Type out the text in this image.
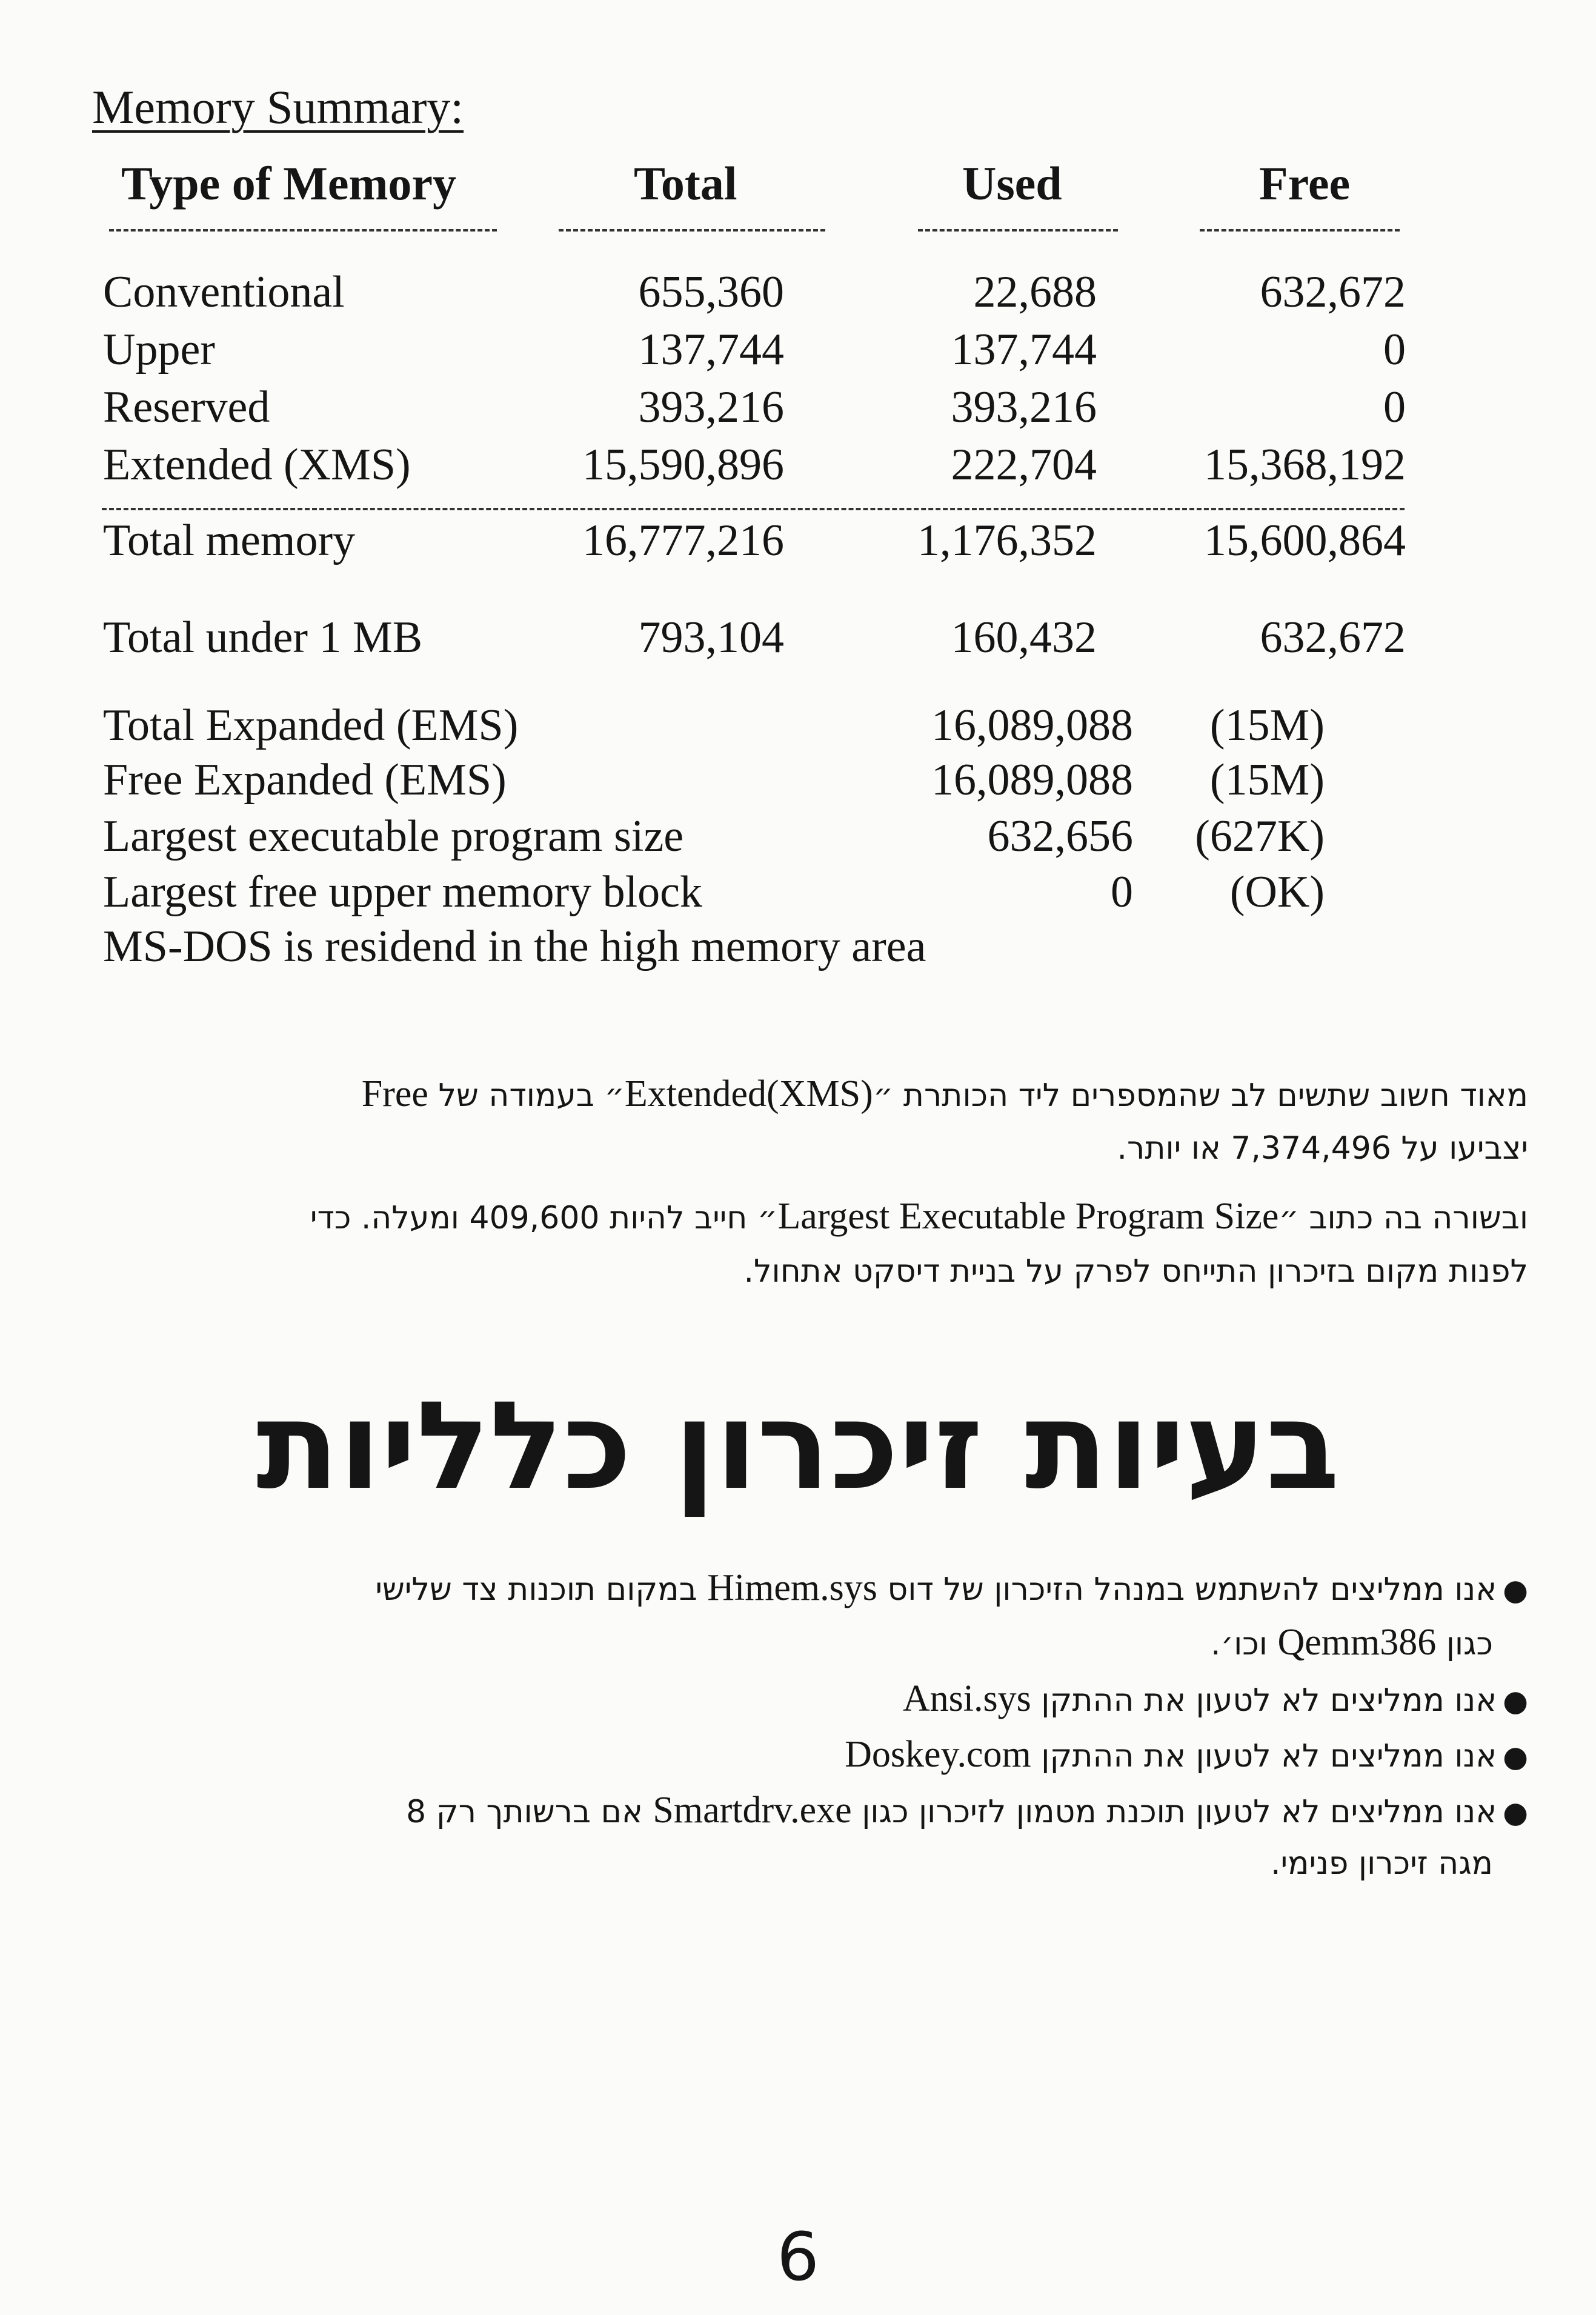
Memory Summary:
Type of Memory	Total	Used	Free
Conventional	655,360	22,688	632,672
Upper	137,744	137,744	0
Reserved	393,216	393,216	0
Extended (XMS)	15,590,896	222,704 15,368,192
Total memory	16,777,216	1,176,352 15,600,864
Total under 1 MB	793,104	160,432	632,672
Total Expanded (EMS)	16,089,088 (15M)
Free Expanded (EMS)	16,089,088 (15M)
Largest executable program size	632,656 (627K)
Largest free upper memory block	0 (OK)
MS-DOS is residend in the high memory area
מאוד חשוב שתשים לב שהמספרים ליד הכותרת ״Extended(XMS)״ בעמודה של Free
יצביעו על 7,374,496 או יותר.
ובשורה בה כתוב ״Largest Executable Program Size״ חייב להיות 409,600 ומעלה. כדי
לפנות מקום בזיכרון התייחס לפרק על בניית דיסקט אתחול.
בעיות זיכרון כלליות
●אנו ממליצים להשתמש במנהל הזיכרון של דוס Himem.sys במקום תוכנות צד שלישי
כגון Qemm386 וכו׳.
●אנו ממליצים לא לטעון את ההתקן Ansi.sys
●אנו ממליצים לא לטעון את ההתקן Doskey.com
●אנו ממליצים לא לטעון תוכנת מטמון לזיכרון כגון Smartdrv.exe אם ברשותך רק 8
מגה זיכרון פנימי.
6
